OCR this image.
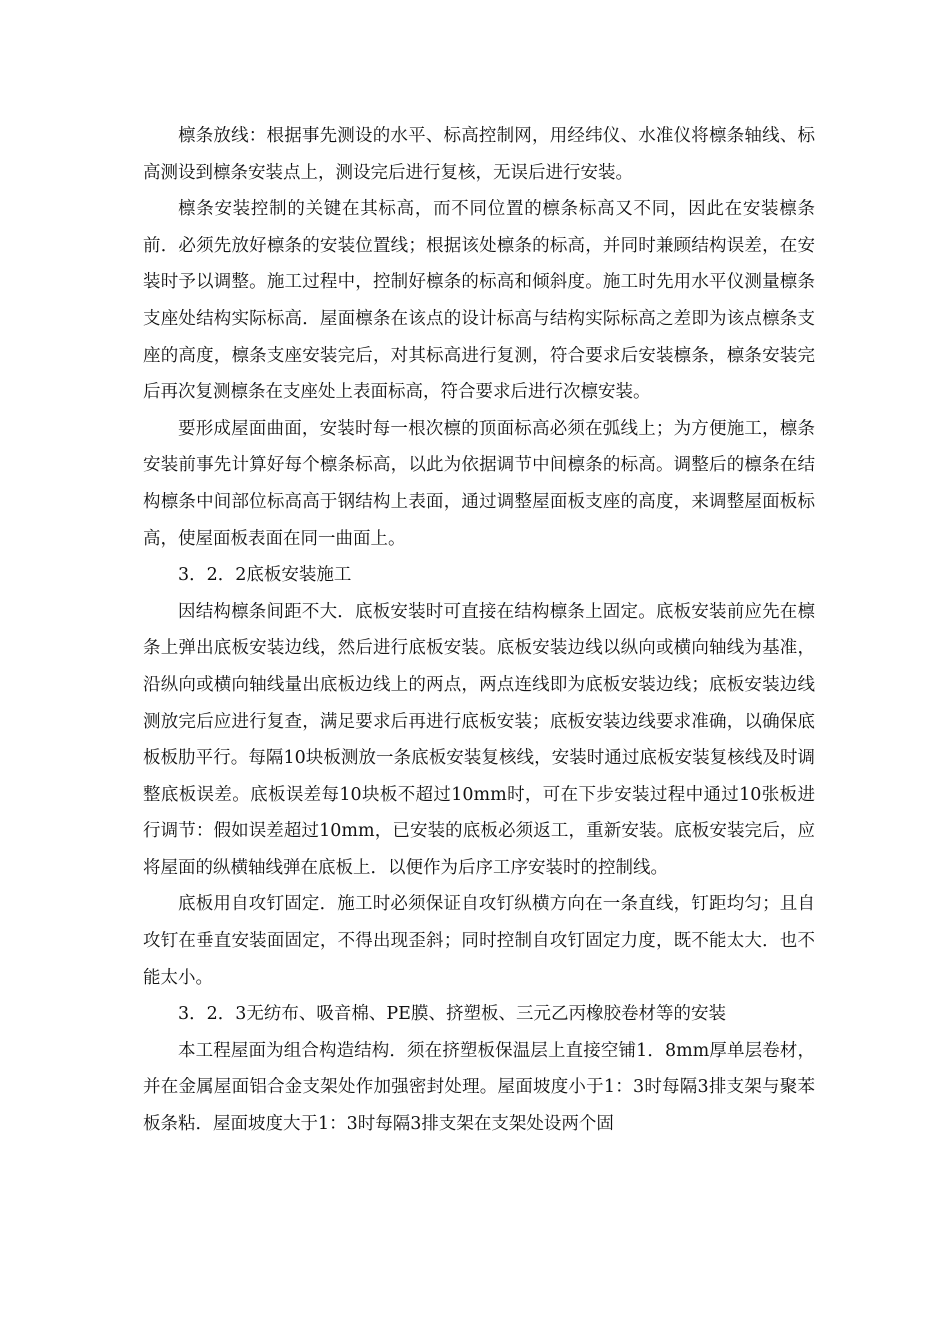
檩条放线：根据事先测设的水平、标高控制网，用经纬仪、水准仪将檩条轴线、标高测设到檩条安装点上，测设完后进行复核，无误后进行安装。

檩条安装控制的关键在其标高，而不同位置的檩条标高又不同，因此在安装檩条前．必须先放好檩条的安装位置线；根据该处檩条的标高，并同时兼顾结构误差，在安装时予以调整。施工过程中，控制好檩条的标高和倾斜度。施工时先用水平仪测量檩条支座处结构实际标高．屋面檩条在该点的设计标高与结构实际标高之差即为该点檩条支座的高度，檩条支座安装完后，对其标高进行复测，符合要求后安装檩条，檩条安装完后再次复测檩条在支座处上表面标高，符合要求后进行次檩安装。

要形成屋面曲面，安装时每一根次檩的顶面标高必须在弧线上；为方便施工，檩条安装前事先计算好每个檩条标高，以此为依据调节中间檩条的标高。调整后的檩条在结构檩条中间部位标高高于钢结构上表面，通过调整屋面板支座的高度，来调整屋面板标高，使屋面板表面在同一曲面上。

3．2．2底板安装施工

因结构檩条间距不大．底板安装时可直接在结构檩条上固定。底板安装前应先在檩条上弹出底板安装边线，然后进行底板安装。底板安装边线以纵向或横向轴线为基准，沿纵向或横向轴线量出底板边线上的两点，两点连线即为底板安装边线；底板安装边线测放完后应进行复查，满足要求后再进行底板安装；底板安装边线要求准确，以确保底板板肋平行。每隔10块板测放一条底板安装复核线，安装时通过底板安装复核线及时调整底板误差。底板误差每10块板不超过10mm时，可在下步安装过程中通过10张板进行调节：假如误差超过10mm，已安装的底板必须返工，重新安装。底板安装完后，应将屋面的纵横轴线弹在底板上．以便作为后序工序安装时的控制线。

底板用自攻钉固定．施工时必须保证自攻钉纵横方向在一条直线，钉距均匀；且自攻钉在垂直安装面固定，不得出现歪斜；同时控制自攻钉固定力度，既不能太大．也不能太小。

3．2．3无纺布、吸音棉、PE膜、挤塑板、三元乙丙橡胶卷材等的安装

本工程屋面为组合构造结构．须在挤塑板保温层上直接空铺1．8mm厚单层卷材，并在金属屋面铝合金支架处作加强密封处理。屋面坡度小于1：3时每隔3排支架与聚苯板条粘．屋面坡度大于1：3时每隔3排支架在支架处设两个固
